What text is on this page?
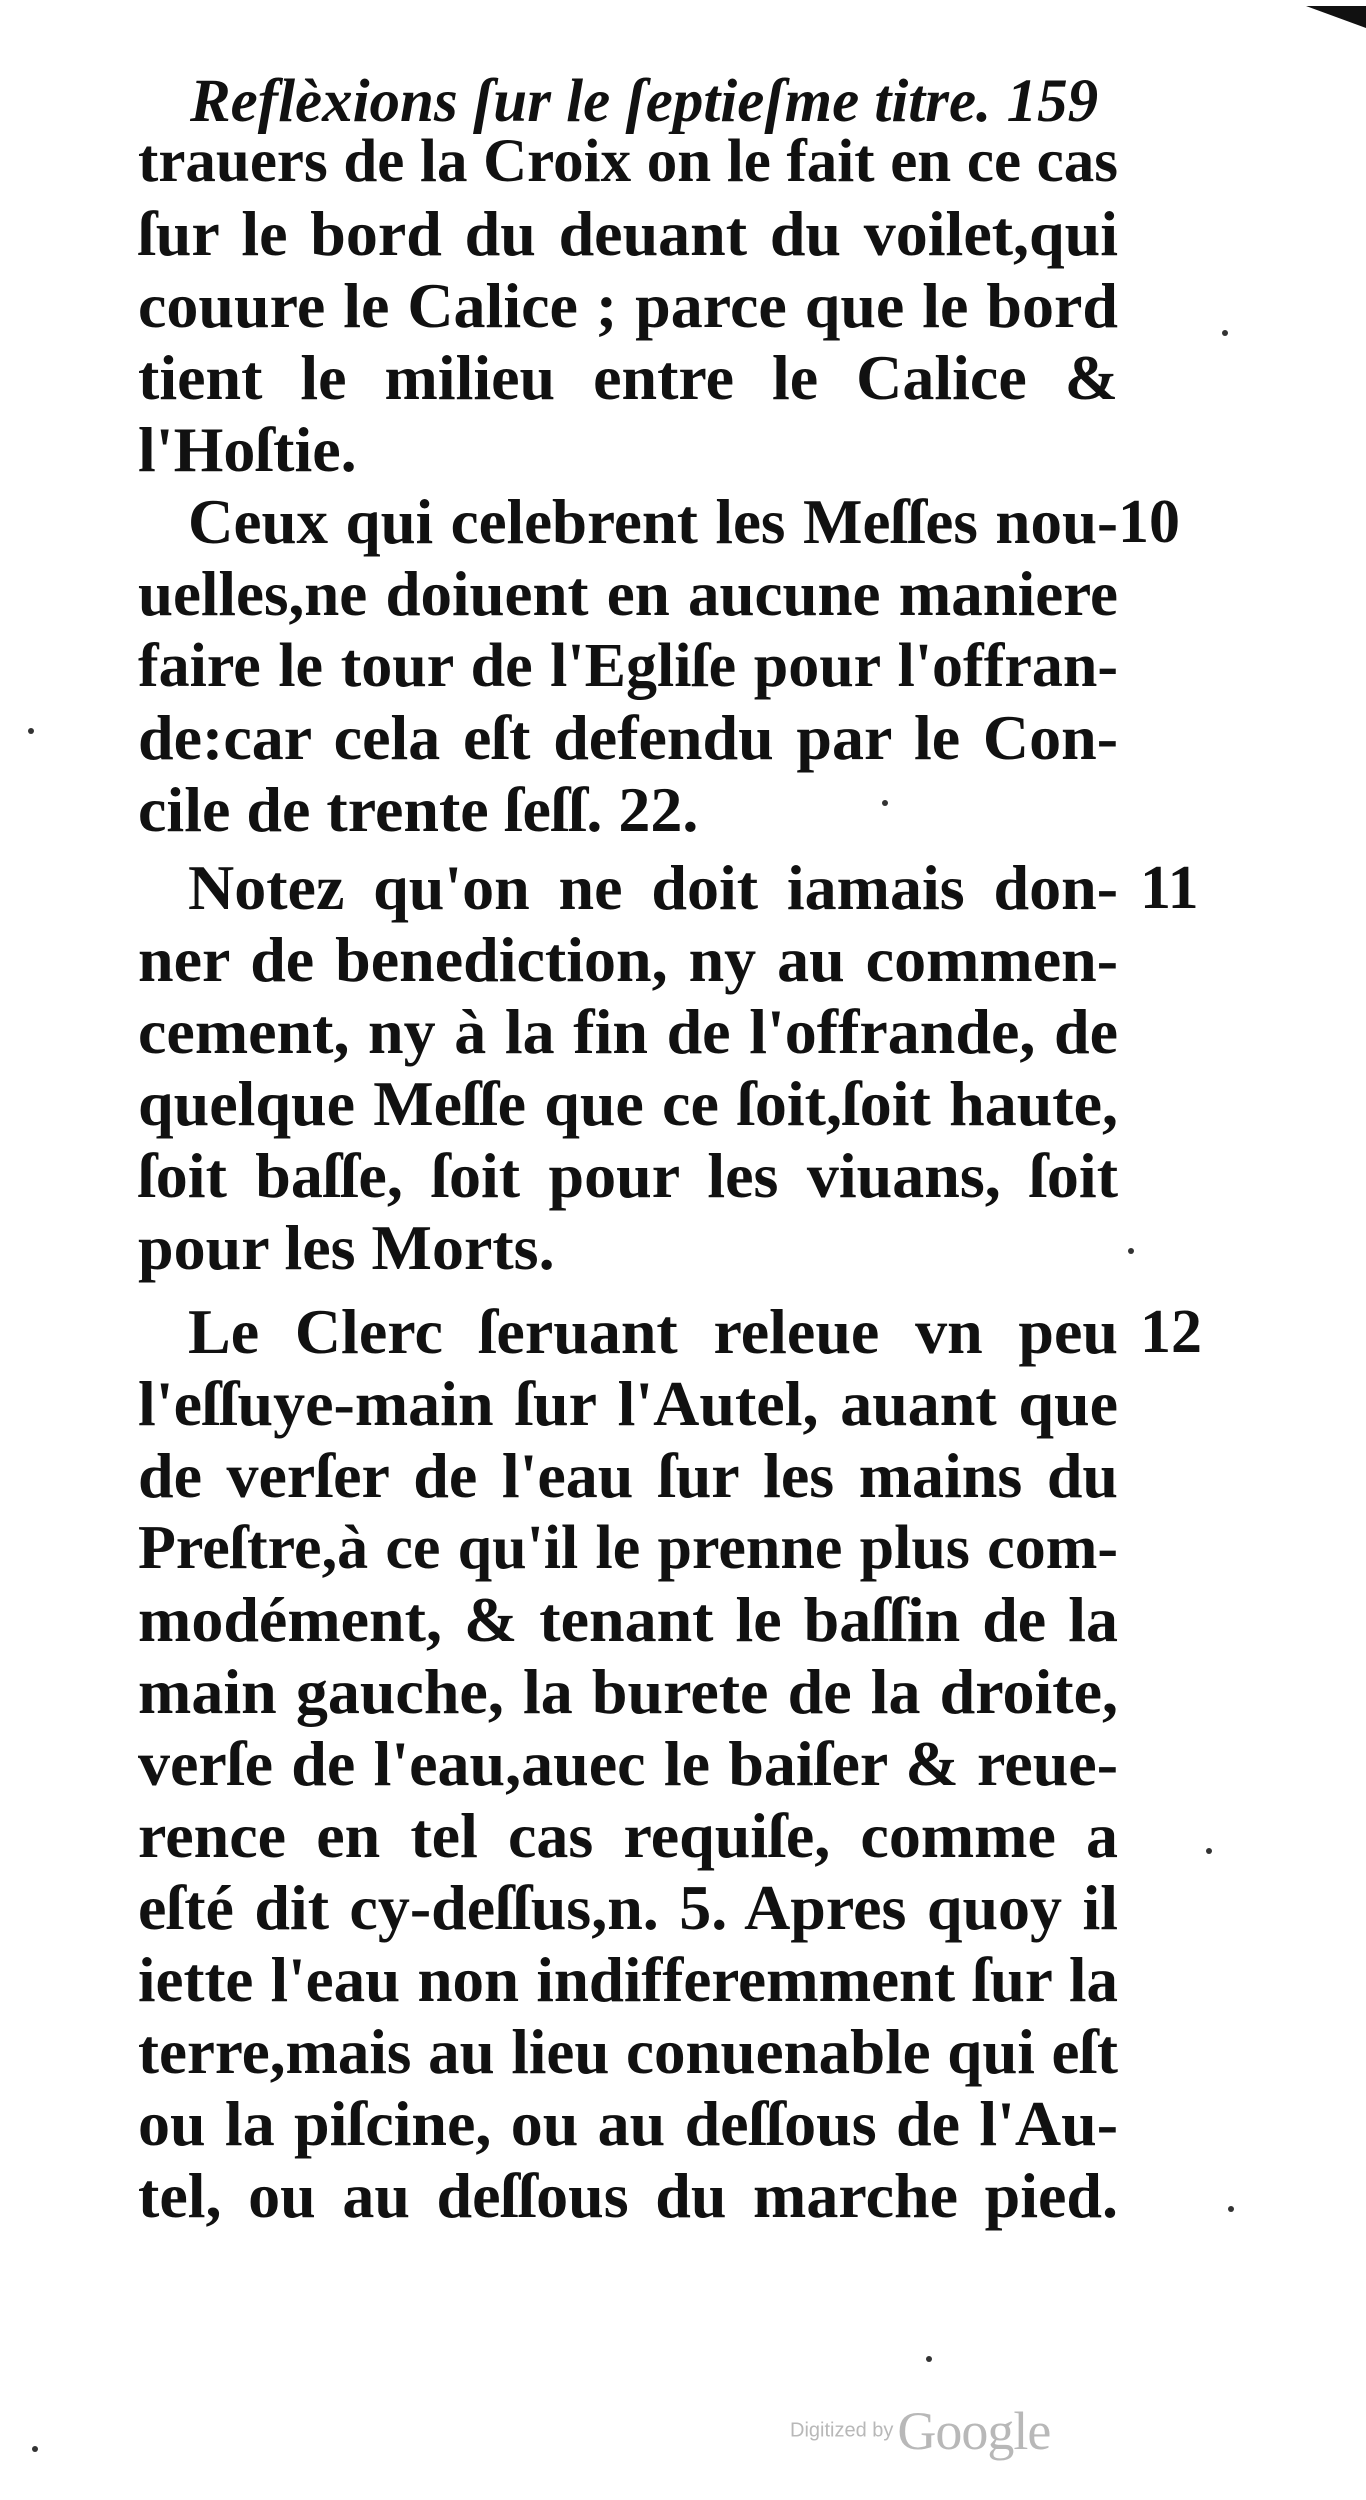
Reflèxions ſur le ſeptieſme titre. 159
trauers de la Croix on le fait en ce cas
ſur le bord du deuant du voilet,qui
couure le Calice ; parce que le bord
tient le milieu entre le Calice &
l'Hoſtie.
10
Ceux qui celebrent les Meſſes nou-
uelles,ne doiuent en aucune maniere
faire le tour de l'Egliſe pour l'offran-
de:car cela eſt defendu par le Con-
cile de trente ſeſſ. 22.
11
Notez qu'on ne doit iamais don-
ner de benediction, ny au commen-
cement, ny à la fin de l'offrande, de
quelque Meſſe que ce ſoit,ſoit haute,
ſoit baſſe, ſoit pour les viuans, ſoit
pour les Morts.
12
Le Clerc ſeruant releue vn peu
l'eſſuye-main ſur l'Autel, auant que
de verſer de l'eau ſur les mains du
Preſtre,à ce qu'il le prenne plus com-
modément, & tenant le baſſin de la
main gauche, la burete de la droite,
verſe de l'eau,auec le baiſer & reue-
rence en tel cas requiſe, comme a
eſté dit cy-deſſus,n. 5. Apres quoy il
iette l'eau non indifferemment ſur la
terre,mais au lieu conuenable qui eſt
ou la piſcine, ou au deſſous de l'Au-
tel, ou au deſſous du marche pied.
Digitized by Google
